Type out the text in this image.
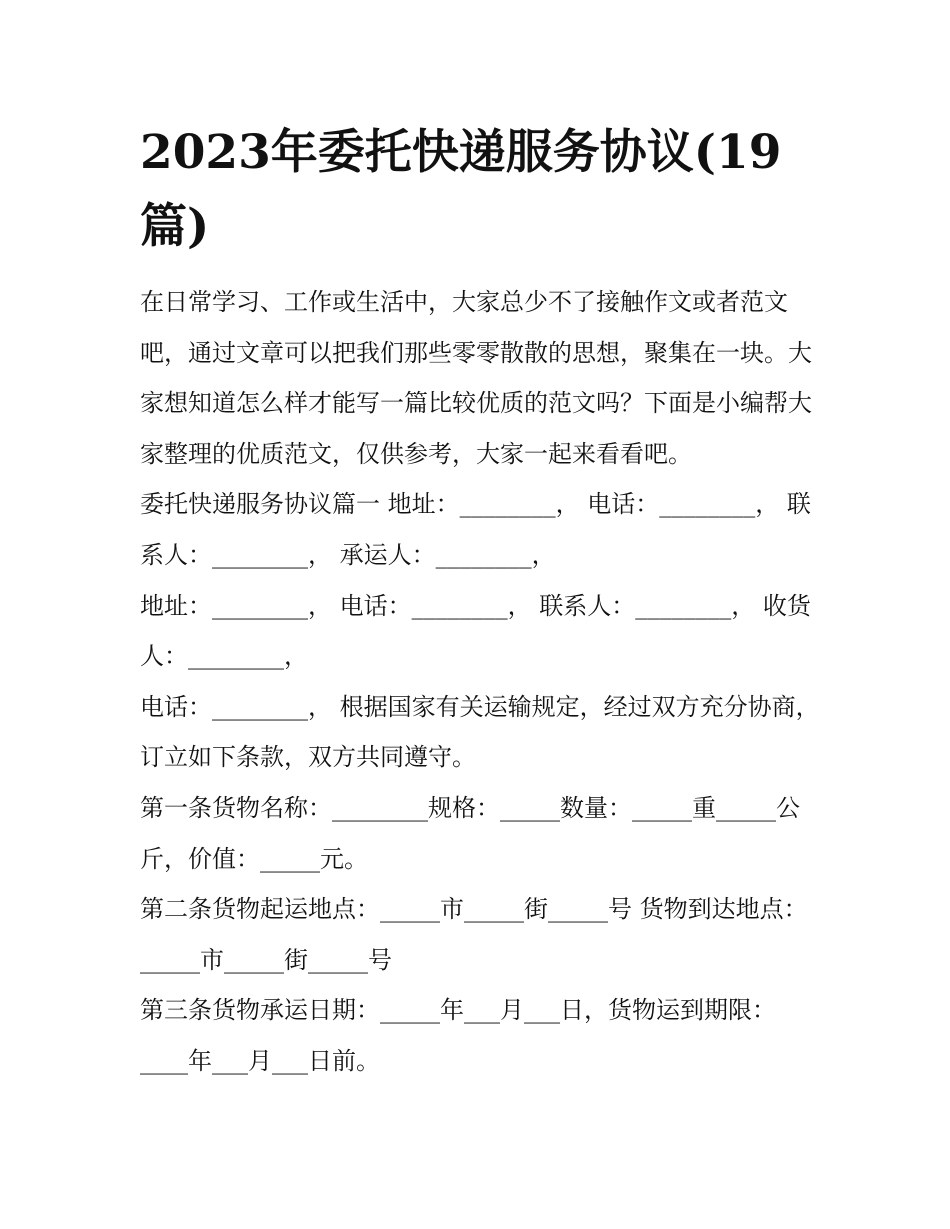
2023年委托快递服务协议(19篇)

在日常学习、工作或生活中，大家总少不了接触作文或者范文吧，通过文章可以把我们那些零零散散的思想，聚集在一块。大家想知道怎么样才能写一篇比较优质的范文吗？下面是小编帮大家整理的优质范文，仅供参考，大家一起来看看吧。

委托快递服务协议篇一 地址：________， 电话：________， 联系人：________， 承运人：________，

地址：________， 电话：________， 联系人：________， 收货人：________，

电话：________， 根据国家有关运输规定，经过双方充分协商，订立如下条款，双方共同遵守。

第一条货物名称：________规格：_____数量：_____重_____公斤，价值：_____元。

第二条货物起运地点：_____市_____街_____号 货物到达地点：_____市_____街_____号

第三条货物承运日期：_____年___月___日，货物运到期限：____年___月___日前。
